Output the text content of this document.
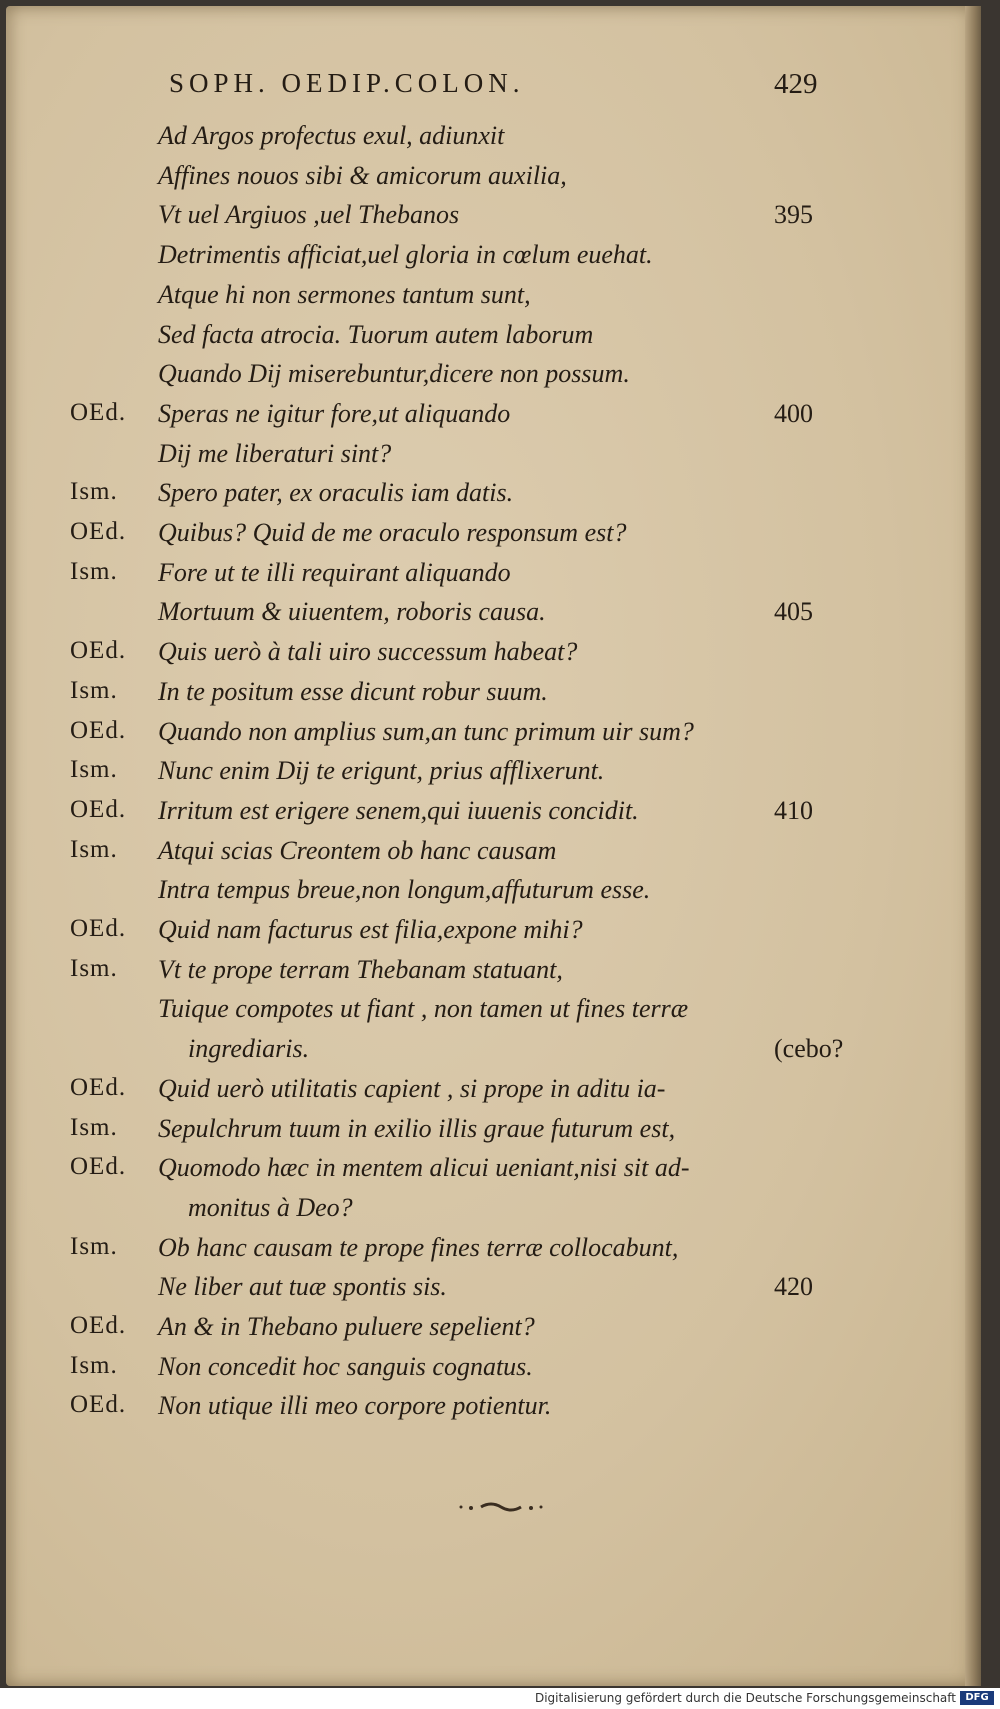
SOPH. OEDIP.COLON.	429
Ad Argos profectus exul, adiunxit
Affines nouos sibi & amicorum auxilia,
Vt uel Argiuos ,uel Thebanos	395
Detrimentis afficiat,uel gloria in cœlum euehat.
Atque hi non sermones tantum sunt,
Sed facta atrocia. Tuorum autem laborum
Quando Dij miserebuntur,dicere non possum.
OEd. Speras ne igitur fore,ut aliquando	400
Dij me liberaturi sint?
Ism. Spero pater, ex oraculis iam datis.
OEd. Quibus? Quid de me oraculo responsum est?
Ism. Fore ut te illi requirant aliquando
Mortuum & uiuentem, roboris causa.	405
OEd. Quis uerò à tali uiro successum habeat?
Ism. In te positum esse dicunt robur suum.
OEd. Quando non amplius sum,an tunc primum uir sum?
Ism. Nunc enim Dij te erigunt, prius afflixerunt.
OEd. Irritum est erigere senem,qui iuuenis concidit.	410
Ism. Atqui scias Creontem ob hanc causam
Intra tempus breue,non longum,affuturum esse.
OEd. Quid nam facturus est filia,expone mihi?
Ism. Vt te prope terram Thebanam statuant,
Tuique compotes ut fiant , non tamen ut fines terræ
ingrediaris.	(cebo?
OEd. Quid uerò utilitatis capient , si prope in aditu ia-
Ism. Sepulchrum tuum in exilio illis graue futurum est,
OEd. Quomodo hæc in mentem alicui ueniant,nisi sit ad-
monitus à Deo?
Ism. Ob hanc causam te prope fines terræ collocabunt,
Ne liber aut tuæ spontis sis.	420
OEd. An & in Thebano puluere sepelient?
Ism. Non concedit hoc sanguis cognatus.
OEd. Non utique illi meo corpore potientur.
Digitalisierung gefördert durch die Deutsche Forschungsgemeinschaft DFG
